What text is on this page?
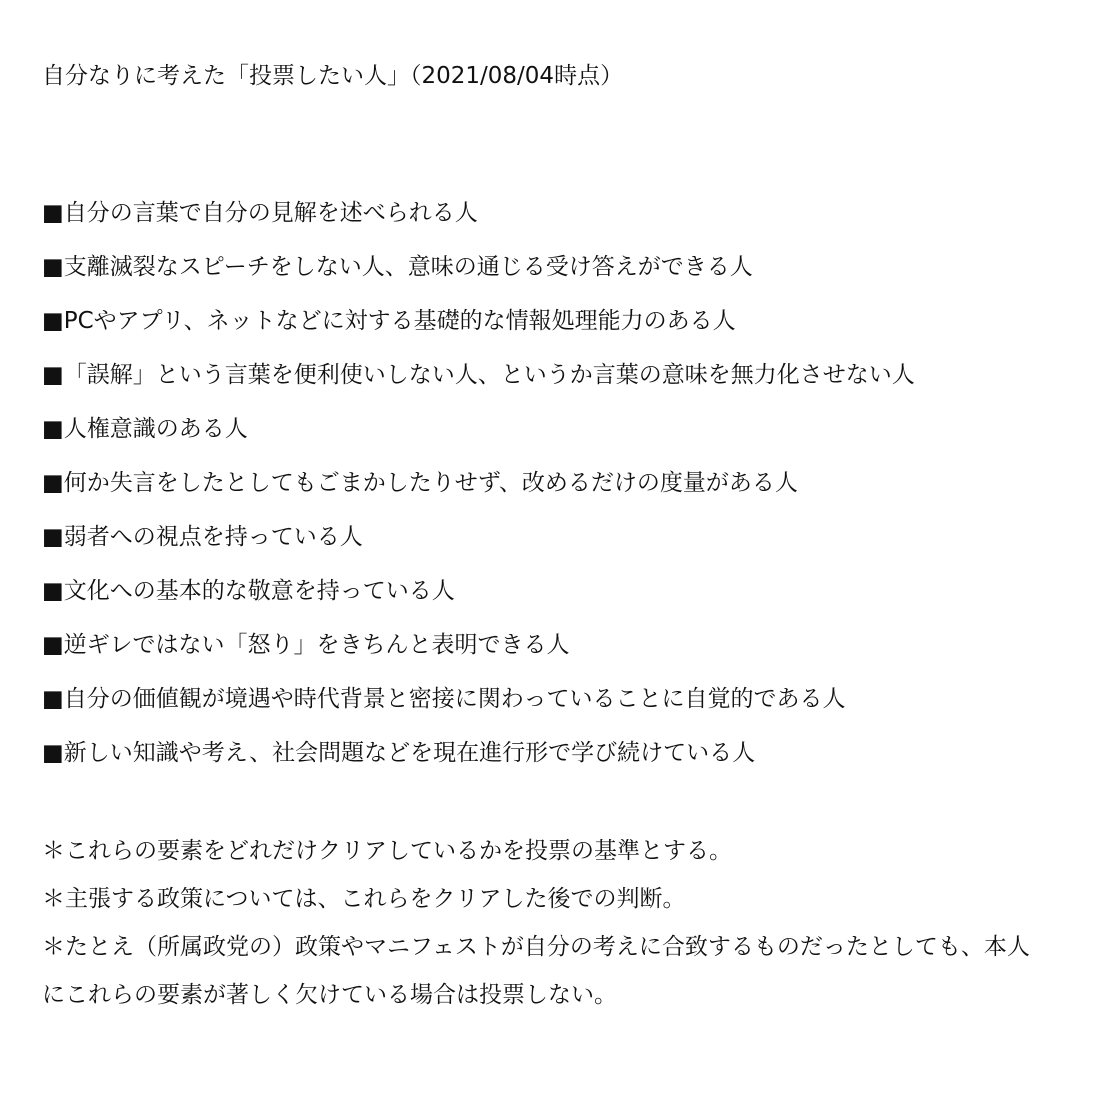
自分なりに考えた「投票したい人」（2021/08/04時点）

■自分の言葉で自分の見解を述べられる人
■支離滅裂なスピーチをしない人、意味の通じる受け答えができる人
■PCやアプリ、ネットなどに対する基礎的な情報処理能力のある人
■「誤解」という言葉を便利使いしない人、というか言葉の意味を無力化させない人
■人権意識のある人
■何か失言をしたとしてもごまかしたりせず、改めるだけの度量がある人
■弱者への視点を持っている人
■文化への基本的な敬意を持っている人
■逆ギレではない「怒り」をきちんと表明できる人
■自分の価値観が境遇や時代背景と密接に関わっていることに自覚的である人
■新しい知識や考え、社会問題などを現在進行形で学び続けている人

＊これらの要素をどれだけクリアしているかを投票の基準とする。

＊主張する政策については、これらをクリアした後での判断。

＊たとえ（所属政党の）政策やマニフェストが自分の考えに合致するものだったとしても、本人にこれらの要素が著しく欠けている場合は投票しない。
